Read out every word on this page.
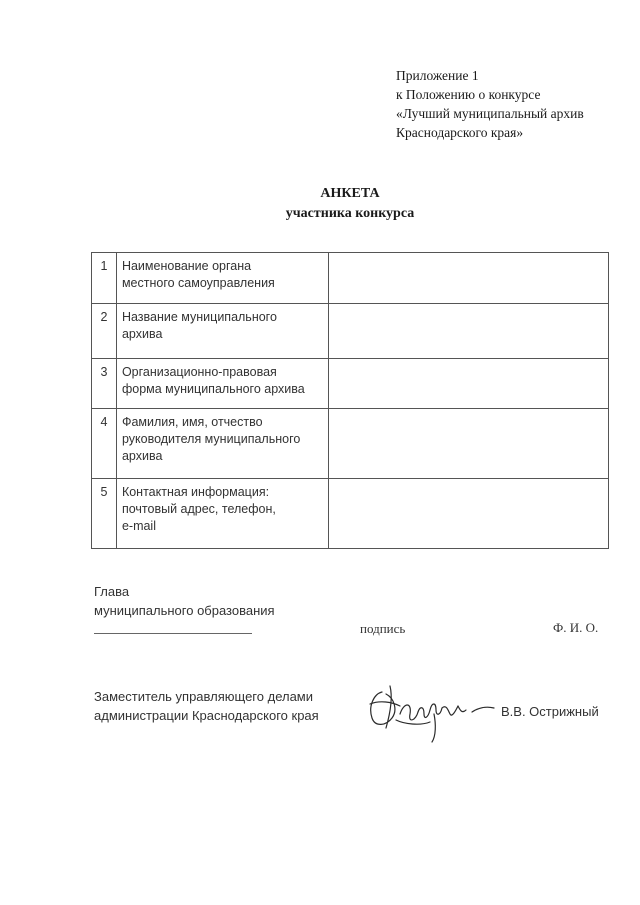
Приложение 1
к Положению о конкурсе
«Лучший муниципальный архив
Краснодарского края»
АНКЕТА
участника конкурса
1	Наименование органа
местного самоуправления	

2	Название муниципального
архива	

3	Организационно-правовая
форма муниципального архива	

4	Фамилия, имя, отчество
руководителя муниципального
архива	

5	Контактная информация:
почтовый адрес, телефон,
e-mail	

Глава
муниципального образования
подпись	Ф. И. О.
Заместитель управляющего делами
администрации Краснодарского края	В.В. Острижный
